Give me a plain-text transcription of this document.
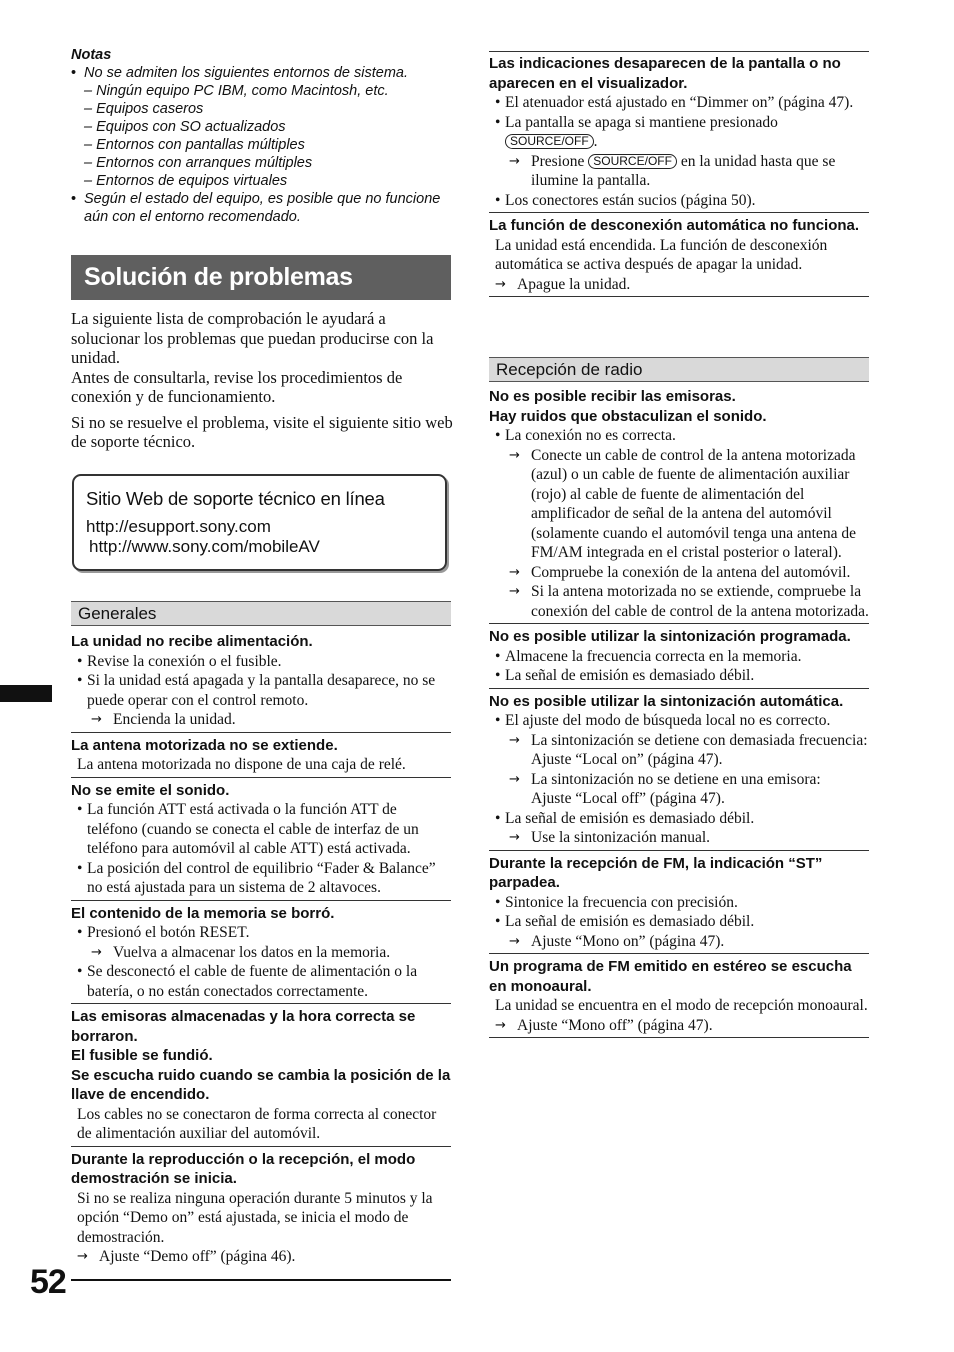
Notas
• No se admiten los siguientes entornos de sistema.
– Ningún equipo PC IBM, como Macintosh, etc.
– Equipos caseros
– Equipos con SO actualizados
– Entornos con pantallas múltiples
– Entornos con arranques múltiples
– Entornos de equipos virtuales
• Según el estado del equipo, es posible que no funcione aún con el entorno recomendado.
Solución de problemas

La siguiente lista de comprobación le ayudará a solucionar los problemas que puedan producirse con la unidad.
Antes de consultarla, revise los procedimientos de conexión y de funcionamiento.

Si no se resuelve el problema, visite el siguiente sitio web de soporte técnico.

Sitio Web de soporte técnico en línea
http://esupport.sony.com
http://www.sony.com/mobileAV
Generales
La unidad no recibe alimentación.
• Revise la conexión o el fusible.
• Si la unidad está apagada y la pantalla desaparece, no se puede operar con el control remoto.
→ Encienda la unidad.
La antena motorizada no se extiende.
La antena motorizada no dispone de una caja de relé.
No se emite el sonido.
• La función ATT está activada o la función ATT de teléfono (cuando se conecta el cable de interfaz de un teléfono para automóvil al cable ATT) está activada.
• La posición del control de equilibrio “Fader & Balance” no está ajustada para un sistema de 2 altavoces.
El contenido de la memoria se borró.
• Presionó el botón RESET.
→ Vuelva a almacenar los datos en la memoria.
• Se desconectó el cable de fuente de alimentación o la batería, o no están conectados correctamente.
Las emisoras almacenadas y la hora correcta se borraron.
El fusible se fundió.
Se escucha ruido cuando se cambia la posición de la llave de encendido.
Los cables no se conectaron de forma correcta al conector de alimentación auxiliar del automóvil.
Durante la reproducción o la recepción, el modo demostración se inicia.
Si no se realiza ninguna operación durante 5 minutos y la opción “Demo on” está ajustada, se inicia el modo de demostración.
→ Ajuste “Demo off” (página 46).
Las indicaciones desaparecen de la pantalla o no aparecen en el visualizador.
• El atenuador está ajustado en “Dimmer on” (página 47).
• La pantalla se apaga si mantiene presionado
SOURCE/OFF .
→ Presione SOURCE/OFF en la unidad hasta que se ilumine la pantalla.
• Los conectores están sucios (página 50).
La función de desconexión automática no funciona.
La unidad está encendida. La función de desconexión automática se activa después de apagar la unidad.
→ Apague la unidad.
Recepción de radio
No es posible recibir las emisoras.
Hay ruidos que obstaculizan el sonido.
• La conexión no es correcta.
→ Conecte un cable de control de la antena motorizada (azul) o un cable de fuente de alimentación auxiliar (rojo) al cable de fuente de alimentación del amplificador de señal de la antena del automóvil (solamente cuando el automóvil tenga una antena de FM/AM integrada en el cristal posterior o lateral).
→ Compruebe la conexión de la antena del automóvil.
→ Si la antena motorizada no se extiende, compruebe la conexión del cable de control de la antena motorizada.
No es posible utilizar la sintonización programada.
• Almacene la frecuencia correcta en la memoria.
• La señal de emisión es demasiado débil.
No es posible utilizar la sintonización automática.
• El ajuste del modo de búsqueda local no es correcto.
→ La sintonización se detiene con demasiada frecuencia:
Ajuste “Local on” (página 47).
→ La sintonización no se detiene en una emisora:
Ajuste “Local off” (página 47).
• La señal de emisión es demasiado débil.
→ Use la sintonización manual.
Durante la recepción de FM, la indicación “ST” parpadea.
• Sintonice la frecuencia con precisión.
• La señal de emisión es demasiado débil.
→ Ajuste “Mono on” (página 47).
Un programa de FM emitido en estéreo se escucha en monoaural.
La unidad se encuentra en el modo de recepción monoaural.
→ Ajuste “Mono off” (página 47).
52
